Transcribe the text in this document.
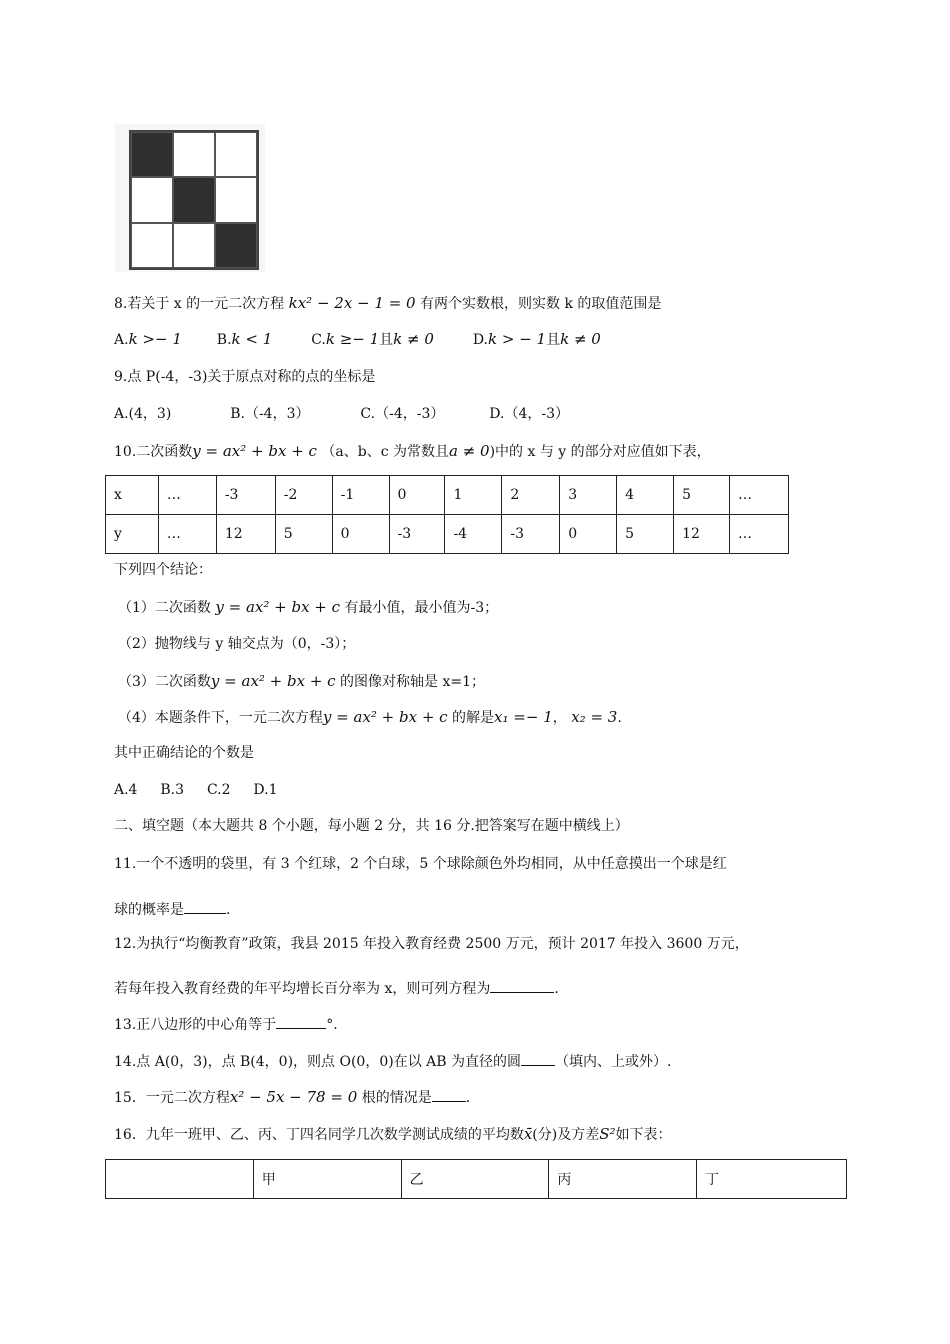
8.若关于 x 的一元二次方程 kx² − 2x − 1 = 0 有两个实数根，则实数 k 的取值范围是
A.k >− 1 B.k < 1	C.k ≥− 1且k ≠ 0	D.k > − 1且k ≠ 0
9.点 P(-4，-3)关于原点对称的点的坐标是
A.(4，3)	B.（-4，3）	C.（-4，-3）	D.（4，-3）
10.二次函数y = ax² + bx + c （a、b、c 为常数且a ≠ 0)中的 x 与 y 的部分对应值如下表，
x	…	-3	-2	-1	0	1	2	3	4	5	…
y	…	12	5	0	-3	-4	-3	0	5	12	…
下列四个结论：
（1）二次函数 y = ax² + bx + c 有最小值，最小值为-3；
（2）抛物线与 y 轴交点为（0，-3）；
（3）二次函数y = ax² + bx + c 的图像对称轴是 x=1；
（4）本题条件下，一元二次方程y = ax² + bx + c 的解是x₁ =− 1， x₂ = 3.
其中正确结论的个数是
A.4 B.3 C.2 D.1
二、填空题（本大题共 8 个小题，每小题 2 分，共 16 分.把答案写在题中横线上）
11.一个不透明的袋里，有 3 个红球，2 个白球，5 个球除颜色外均相同，从中任意摸出一个球是红
球的概率是	.
12.为执行“均衡教育”政策，我县 2015 年投入教育经费 2500 万元，预计 2017 年投入 3600 万元，
若每年投入教育经费的年平均增长百分率为 x，则可列方程为	.
13.正八边形的中心角等于	°.
14.点 A(0，3)，点 B(4，0)，则点 O(0，0)在以 AB 为直径的圆 （填内、上或外）.
15．一元二次方程x² − 5x − 78 = 0 根的情况是 .
16．九年一班甲、乙、丙、丁四名同学几次数学测试成绩的平均数x̄(分)及方差S²如下表：
	甲	乙	丙	丁
